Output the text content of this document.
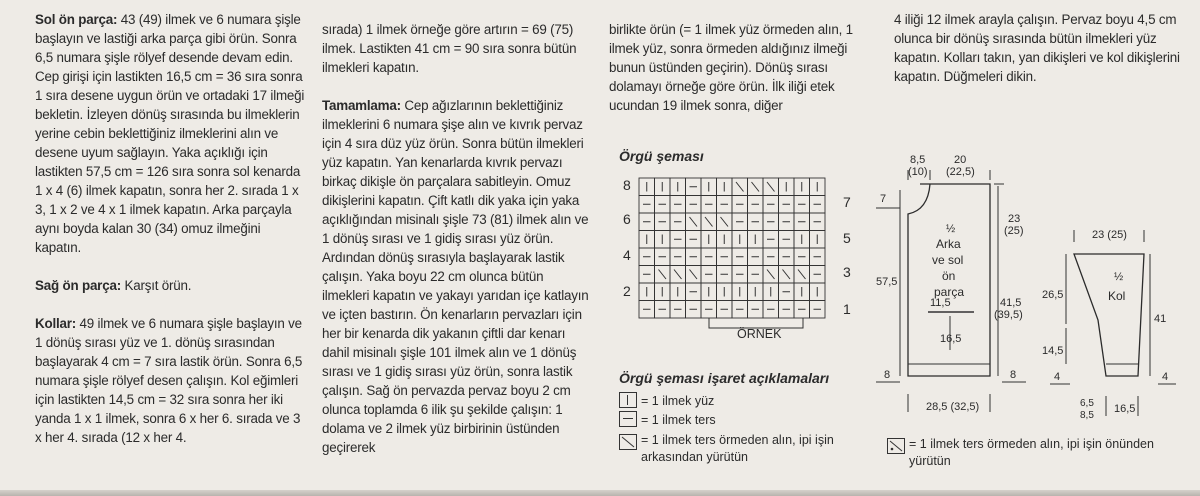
Sol ön parça: 43 (49) ilmek ve 6 numara şişle başlayın ve lastiği arka parça gibi örün. Sonra 6,5 numara şişle rölyef desende devam edin. Cep girişi için lastikten 16,5 cm = 36 sıra sonra 1 sıra desene uygun örün ve ortadaki 17 ilmeği bekletin. İzleyen dönüş sırasında bu ilmeklerin yerine cebin beklettiğiniz ilmeklerini alın ve desene uyum sağlayın. Yaka açıklığı için lastikten 57,5 cm = 126 sıra sonra sol kenarda 1 x 4 (6) ilmek kapatın, sonra her 2. sırada 1 x 3, 1 x 2 ve 4 x 1 ilmek kapatın. Arka parçayla aynı boyda kalan 30 (34) omuz ilmeğini kapatın.

Sağ ön parça: Karşıt örün.

Kollar: 49 ilmek ve 6 numara şişle başlayın ve 1 dönüş sırası yüz ve 1. dönüş sırasından başlayarak 4 cm = 7 sıra lastik örün. Sonra 6,5 numara şişle rölyef desen çalışın. Kol eğimleri için lastikten 14,5 cm = 32 sıra sonra her iki yanda 1 x 1 ilmek, sonra 6 x her 6. sırada ve 3 x her 4. sırada (12 x her 4.

sırada) 1 ilmek örneğe göre artırın = 69 (75) ilmek. Lastikten 41 cm = 90 sıra sonra bütün ilmekleri kapatın.

Tamamlama: Cep ağızlarının beklettiğiniz ilmeklerini 6 numara şişe alın ve kıvrık pervaz için 4 sıra düz yüz örün. Sonra bütün ilmekleri yüz kapatın. Yan kenarlarda kıvrık pervazı birkaç dikişle ön parçalara sabitleyin. Omuz dikişlerini kapatın. Çift katlı dik yaka için yaka açıklığından misinalı şişle 73 (81) ilmek alın ve 1 dönüş sırası ve 1 gidiş sırası yüz örün. Ardından dönüş sırasıyla başlayarak lastik çalışın. Yaka boyu 22 cm olunca bütün ilmekleri kapatın ve yakayı yarıdan içe katlayın ve içten bastırın. Ön kenarların pervazları için her bir kenarda dik yakanın çiftli dar kenarı dahil misinalı şişle 101 ilmek alın ve 1 dönüş sırası ve 1 gidiş sırası yüz örün, sonra lastik çalışın. Sağ ön pervazda pervaz boyu 2 cm olunca toplamda 6 ilik şu şekilde çalışın: 1 dolama ve 2 ilmek yüz birbirinin üstünden geçirerek

birlikte örün (= 1 ilmek yüz örmeden alın, 1 ilmek yüz, sonra örmeden aldığınız ilmeği bunun üstünden geçirin). Dönüş sırası dolamayı örneğe göre örün. İlk iliği etek ucundan 19 ilmek sonra, diğer

4 iliği 12 ilmek arayla çalışın. Pervaz boyu 4,5 cm olunca bir dönüş sırasında bütün ilmekleri yüz kapatın. Kolları takın, yan dikişleri ve kol dikişlerini kapatın. Düğmeleri dikin.

Örgü şeması
8
6
4
2
7
5
3
1
ÖRNEK
Örgü şeması işaret açıklamaları
= 1 ilmek yüz
= 1 ilmek ters
= 1 ilmek ters örmeden alın, ipi işin arkasından yürütün
= 1 ilmek ters örmeden alın, ipi işin önünden yürütün
8,5
(10)
20
(22,5)
7
57,5
½
Arka
ve sol
ön
parça
11,5
16,5
23
(25)
41,5
(39,5)
8	8
28,5 (32,5)
23 (25)
½
Kol
26,5
14,5
41
4	4
6,5
8,5
16,5
